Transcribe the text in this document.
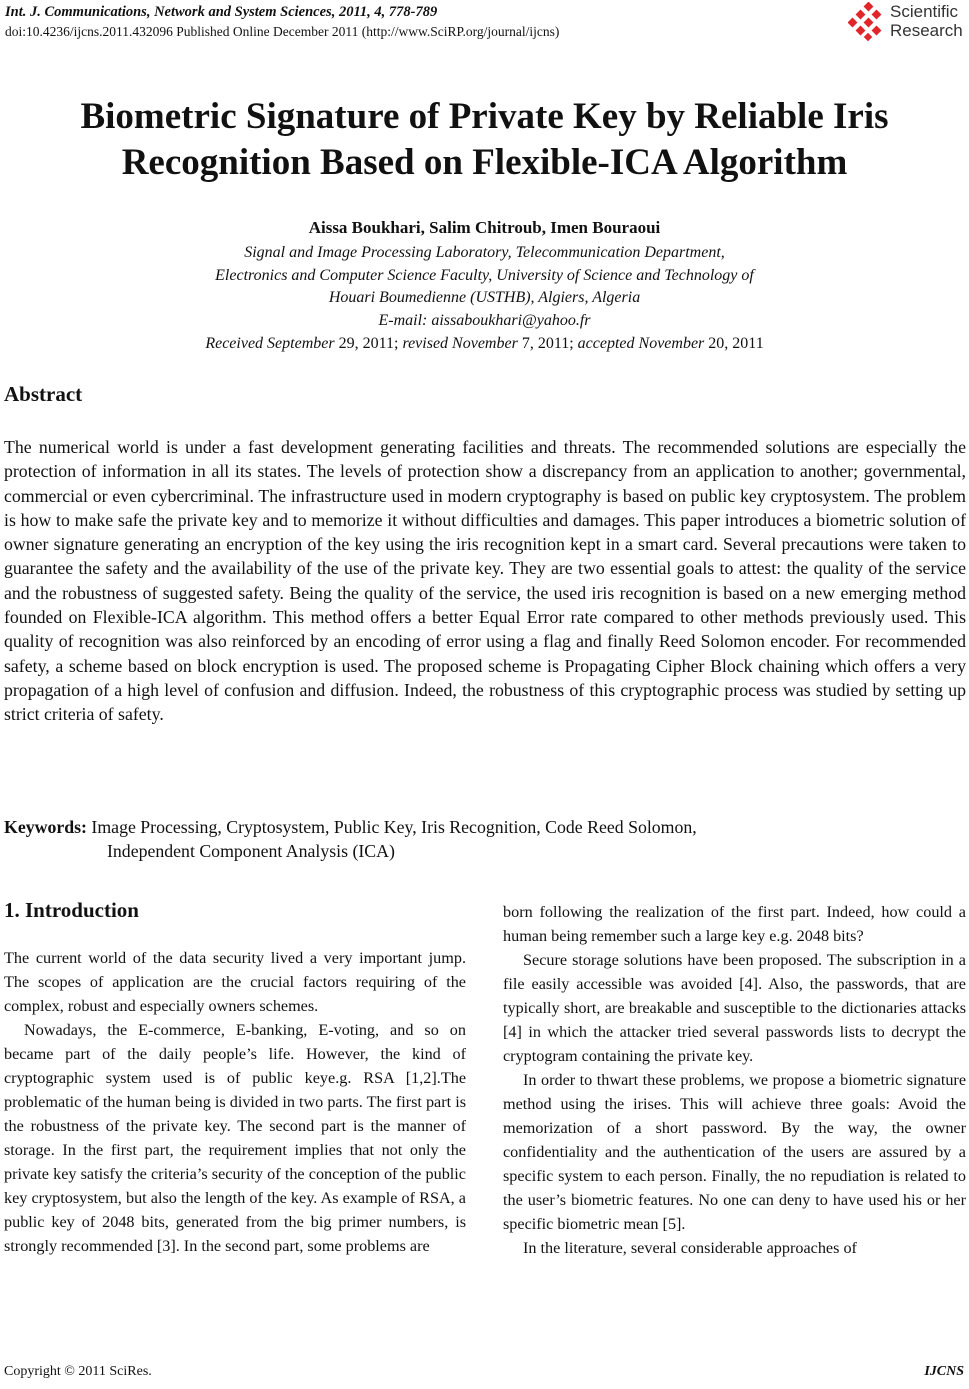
Int. J. Communications, Network and System Sciences, 2011, 4, 778-789
doi:10.4236/ijcns.2011.432096 Published Online December 2011 (http://www.SciRP.org/journal/ijcns)
Scientific
Research
Biometric Signature of Private Key by Reliable Iris
Recognition Based on Flexible-ICA Algorithm
Aissa Boukhari, Salim Chitroub, Imen Bouraoui
Signal and Image Processing Laboratory, Telecommunication Department,
Electronics and Computer Science Faculty, University of Science and Technology of
Houari Boumedienne (USTHB), Algiers, Algeria
E-mail: aissaboukhari@yahoo.fr
Received September 29, 2011; revised November 7, 2011; accepted November 20, 2011
Abstract
The numerical world is under a fast development generating facilities and threats. The recommended solutions are especially the protection of information in all its states. The levels of protection show a discrepancy from an application to another; governmental, commercial or even cybercriminal. The infrastructure used in modern cryptography is based on public key cryptosystem. The problem is how to make safe the private key and to memorize it without difficulties and damages. This paper introduces a biometric solution of owner signature generating an encryption of the key using the iris recognition kept in a smart card. Several precautions were taken to guarantee the safety and the availability of the use of the private key. They are two essential goals to attest: the quality of the service and the robustness of suggested safety. Being the quality of the service, the used iris recognition is based on a new emerging method founded on Flexible-ICA algorithm. This method offers a better Equal Error rate compared to other methods previously used. This quality of recognition was also reinforced by an encoding of error using a flag and finally Reed Solomon encoder. For recommended safety, a scheme based on block encryption is used. The proposed scheme is Propagating Cipher Block chaining which offers a very propagation of a high level of confusion and diffusion. Indeed, the robustness of this cryptographic process was studied by setting up strict criteria of safety.
Keywords: Image Processing, Cryptosystem, Public Key, Iris Recognition, Code Reed Solomon,
Independent Component Analysis (ICA)
1. Introduction

The current world of the data security lived a very important jump. The scopes of application are the crucial factors requiring of the complex, robust and especially owners schemes.

Nowadays, the E-commerce, E-banking, E-voting, and so on became part of the daily people’s life. However, the kind of cryptographic system used is of public keye.g. RSA [1,2].The problematic of the human being is divided in two parts. The first part is the robustness of the private key. The second part is the manner of storage. In the first part, the requirement implies that not only the private key satisfy the criteria’s security of the conception of the public key cryptosystem, but also the length of the key. As example of RSA, a public key of 2048 bits, generated from the big primer numbers, is strongly recommended [3]. In the second part, some problems are

born following the realization of the first part. Indeed, how could a human being remember such a large key e.g. 2048 bits?

Secure storage solutions have been proposed. The subscription in a file easily accessible was avoided [4]. Also, the passwords, that are typically short, are breakable and susceptible to the dictionaries attacks [4] in which the attacker tried several passwords lists to decrypt the cryptogram containing the private key.

In order to thwart these problems, we propose a biometric signature method using the irises. This will achieve three goals: Avoid the memorization of a short password. By the way, the owner confidentiality and the authentication of the users are assured by a specific system to each person. Finally, the no repudiation is related to the user’s biometric features. No one can deny to have used his or her specific biometric mean [5].

In the literature, several considerable approaches of

Copyright © 2011 SciRes.	IJCNS
